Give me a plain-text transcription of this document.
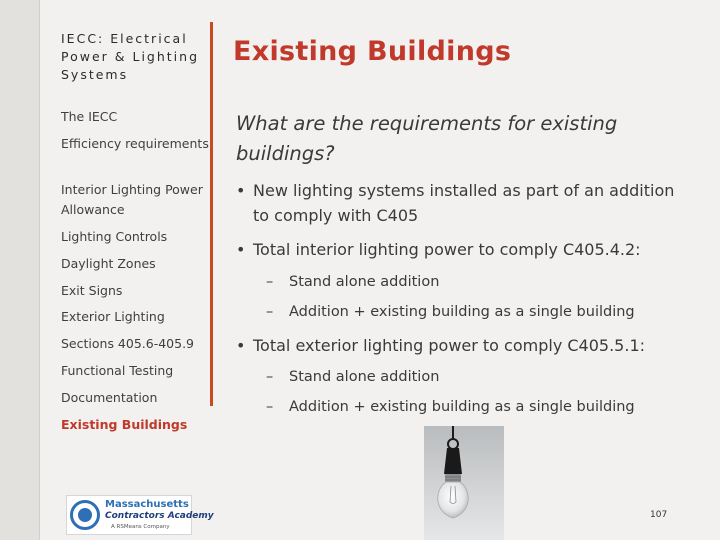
IECC: Electrical Power & Lighting Systems
The IECC
Efficiency requirements
Interior Lighting Power Allowance
Lighting Controls
Daylight Zones
Exit Signs
Exterior Lighting
Sections 405.6-405.9
Functional Testing
Documentation
Existing Buildings
Existing Buildings
What are the requirements for existing buildings?
• New lighting systems installed as part of an addition to comply with C405
• Total interior lighting power to comply C405.4.2:
– Stand alone addition
– Addition + existing building as a single building
• Total exterior lighting power to comply C405.5.1:
– Stand alone addition
– Addition + existing building as a single building
Massachusetts
Contractors Academy
A RSMeans Company
107
